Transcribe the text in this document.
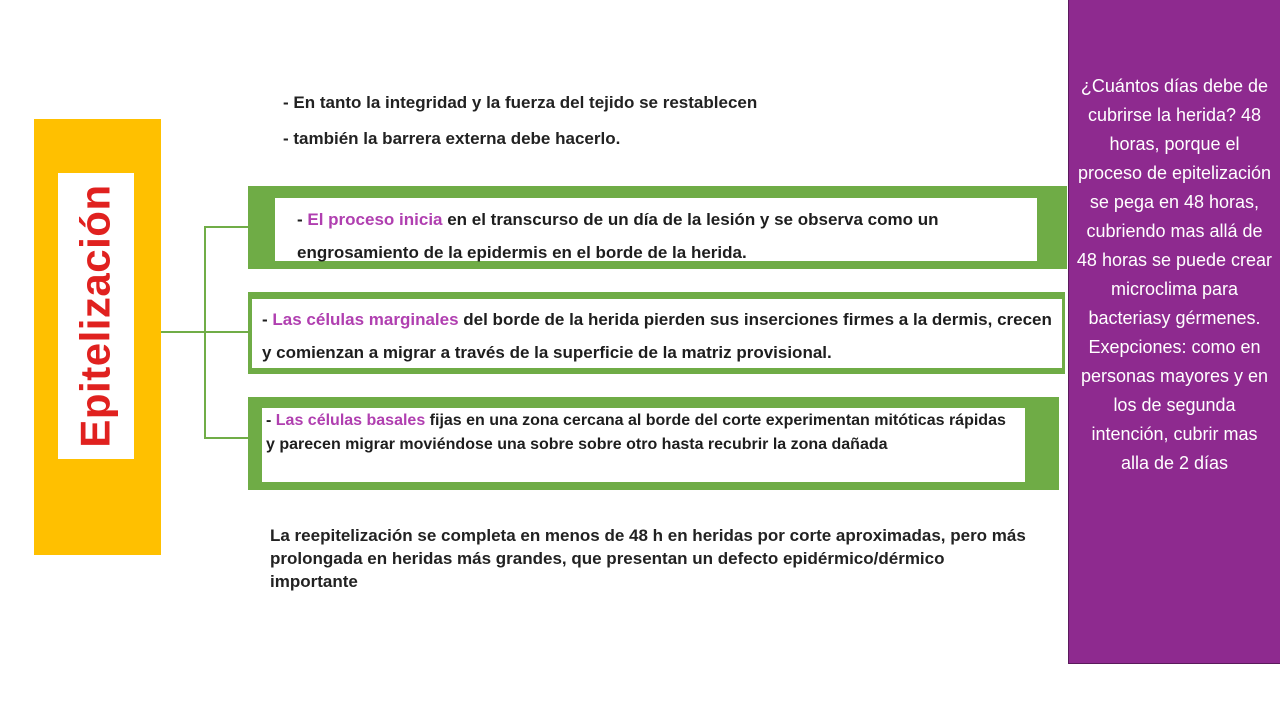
Epitelización
- En tanto la integridad y la fuerza del tejido se restablecen
- también la barrera externa debe hacerlo.
- El proceso inicia en el transcurso de un día de la lesión y se observa como un engrosamiento de la epidermis en el borde de la herida.
- Las células marginales del borde de la herida pierden sus inserciones firmes a la dermis, crecen y comienzan a migrar a través de la superficie de la matriz provisional.
- Las células basales fijas en una zona cercana al borde del corte experimentan mitóticas rápidas y parecen migrar moviéndose una sobre sobre otro hasta recubrir la zona dañada
La reepitelización se completa en menos de 48 h en heridas por corte aproximadas, pero más prolongada en heridas más grandes, que presentan un defecto epidérmico/dérmico importante
¿Cuántos días debe de cubrirse la herida? 48 horas, porque el proceso de epitelización se pega en 48 horas, cubriendo mas allá de 48 horas se puede crear microclima para bacteriasy gérmenes. Exepciones: como en personas mayores y en los de segunda intención, cubrir mas alla de 2 días
